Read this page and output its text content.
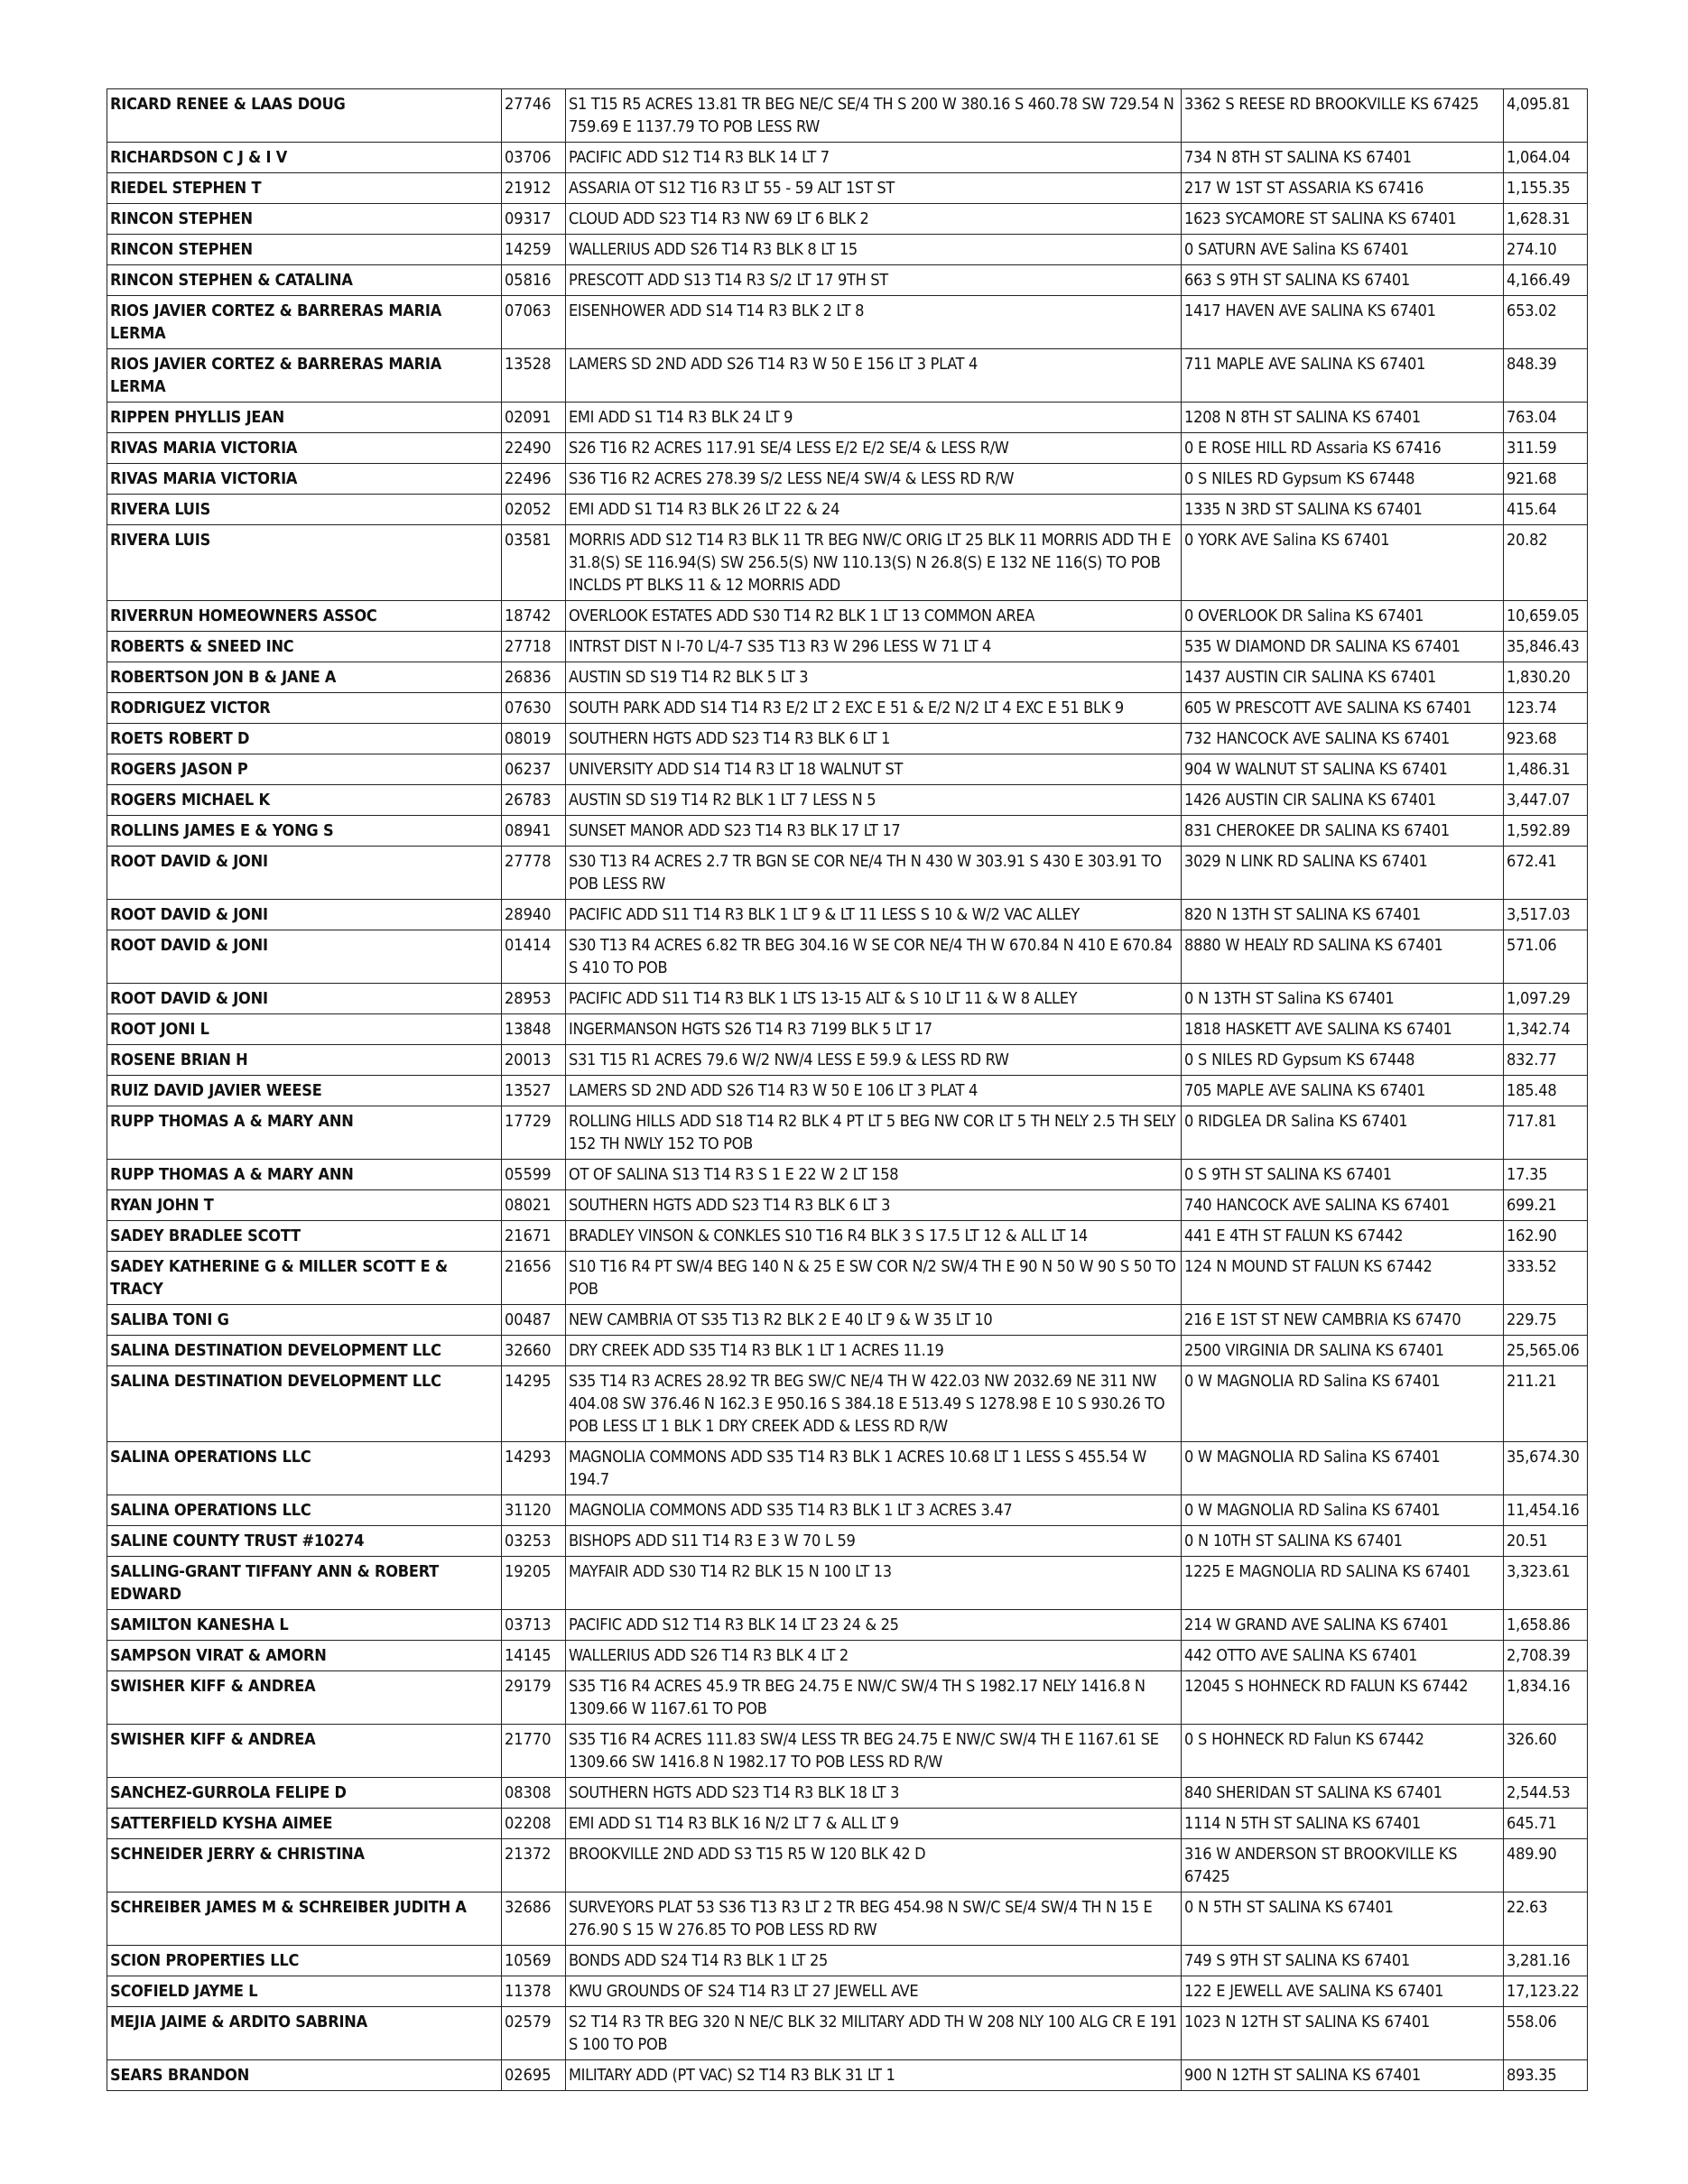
RICARD RENEE & LAAS DOUG	27746	S1 T15 R5 ACRES 13.81 TR BEG NE/C SE/4 TH S 200 W 380.16 S 460.78 SW 729.54 N 759.69 E 1137.79 TO POB LESS RW	3362 S REESE RD BROOKVILLE KS 67425	4,095.81
RICHARDSON C J & I V	03706	PACIFIC ADD S12 T14 R3 BLK 14 LT 7	734 N 8TH ST SALINA KS 67401	1,064.04
RIEDEL STEPHEN T	21912	ASSARIA OT S12 T16 R3 LT 55 - 59 ALT 1ST ST	217 W 1ST ST ASSARIA KS 67416	1,155.35
RINCON STEPHEN	09317	CLOUD ADD S23 T14 R3 NW 69 LT 6 BLK 2	1623 SYCAMORE ST SALINA KS 67401	1,628.31
RINCON STEPHEN	14259	WALLERIUS ADD S26 T14 R3 BLK 8 LT 15	0 SATURN AVE Salina KS 67401	274.10
RINCON STEPHEN & CATALINA	05816	PRESCOTT ADD S13 T14 R3 S/2 LT 17 9TH ST	663 S 9TH ST SALINA KS 67401	4,166.49
RIOS JAVIER CORTEZ & BARRERAS MARIA LERMA	07063	EISENHOWER ADD S14 T14 R3 BLK 2 LT 8	1417 HAVEN AVE SALINA KS 67401	653.02
RIOS JAVIER CORTEZ & BARRERAS MARIA LERMA	13528	LAMERS SD 2ND ADD S26 T14 R3 W 50 E 156 LT 3 PLAT 4	711 MAPLE AVE SALINA KS 67401	848.39
RIPPEN PHYLLIS JEAN	02091	EMI ADD S1 T14 R3 BLK 24 LT 9	1208 N 8TH ST SALINA KS 67401	763.04
RIVAS MARIA VICTORIA	22490	S26 T16 R2 ACRES 117.91 SE/4 LESS E/2 E/2 SE/4 & LESS R/W	0 E ROSE HILL RD Assaria KS 67416	311.59
RIVAS MARIA VICTORIA	22496	S36 T16 R2 ACRES 278.39 S/2 LESS NE/4 SW/4 & LESS RD R/W	0 S NILES RD Gypsum KS 67448	921.68
RIVERA LUIS	02052	EMI ADD S1 T14 R3 BLK 26 LT 22 & 24	1335 N 3RD ST SALINA KS 67401	415.64
RIVERA LUIS	03581	MORRIS ADD S12 T14 R3 BLK 11 TR BEG NW/C ORIG LT 25 BLK 11 MORRIS ADD TH E 31.8(S) SE 116.94(S) SW 256.5(S) NW 110.13(S) N 26.8(S) E 132 NE 116(S) TO POB INCLDS PT BLKS 11 & 12 MORRIS ADD	0 YORK AVE Salina KS 67401	20.82
RIVERRUN HOMEOWNERS ASSOC	18742	OVERLOOK ESTATES ADD S30 T14 R2 BLK 1 LT 13 COMMON AREA	0 OVERLOOK DR Salina KS 67401	10,659.05
ROBERTS & SNEED INC	27718	INTRST DIST N I-70 L/4-7 S35 T13 R3 W 296 LESS W 71 LT 4	535 W DIAMOND DR SALINA KS 67401	35,846.43
ROBERTSON JON B & JANE A	26836	AUSTIN SD S19 T14 R2 BLK 5 LT 3	1437 AUSTIN CIR SALINA KS 67401	1,830.20
RODRIGUEZ VICTOR	07630	SOUTH PARK ADD S14 T14 R3 E/2 LT 2 EXC E 51 & E/2 N/2 LT 4 EXC E 51 BLK 9	605 W PRESCOTT AVE SALINA KS 67401	123.74
ROETS ROBERT D	08019	SOUTHERN HGTS ADD S23 T14 R3 BLK 6 LT 1	732 HANCOCK AVE SALINA KS 67401	923.68
ROGERS JASON P	06237	UNIVERSITY ADD S14 T14 R3 LT 18 WALNUT ST	904 W WALNUT ST SALINA KS 67401	1,486.31
ROGERS MICHAEL K	26783	AUSTIN SD S19 T14 R2 BLK 1 LT 7 LESS N 5	1426 AUSTIN CIR SALINA KS 67401	3,447.07
ROLLINS JAMES E & YONG S	08941	SUNSET MANOR ADD S23 T14 R3 BLK 17 LT 17	831 CHEROKEE DR SALINA KS 67401	1,592.89
ROOT DAVID & JONI	27778	S30 T13 R4 ACRES 2.7 TR BGN SE COR NE/4 TH N 430 W 303.91 S 430 E 303.91 TO POB LESS RW	3029 N LINK RD SALINA KS 67401	672.41
ROOT DAVID & JONI	28940	PACIFIC ADD S11 T14 R3 BLK 1 LT 9 & LT 11 LESS S 10 & W/2 VAC ALLEY	820 N 13TH ST SALINA KS 67401	3,517.03
ROOT DAVID & JONI	01414	S30 T13 R4 ACRES 6.82 TR BEG 304.16 W SE COR NE/4 TH W 670.84 N 410 E 670.84 S 410 TO POB	8880 W HEALY RD SALINA KS 67401	571.06
ROOT DAVID & JONI	28953	PACIFIC ADD S11 T14 R3 BLK 1 LTS 13-15 ALT & S 10 LT 11 & W 8 ALLEY	0 N 13TH ST Salina KS 67401	1,097.29
ROOT JONI L	13848	INGERMANSON HGTS S26 T14 R3 7199 BLK 5 LT 17	1818 HASKETT AVE SALINA KS 67401	1,342.74
ROSENE BRIAN H	20013	S31 T15 R1 ACRES 79.6 W/2 NW/4 LESS E 59.9 & LESS RD RW	0 S NILES RD Gypsum KS 67448	832.77
RUIZ DAVID JAVIER WEESE	13527	LAMERS SD 2ND ADD S26 T14 R3 W 50 E 106 LT 3 PLAT 4	705 MAPLE AVE SALINA KS 67401	185.48
RUPP THOMAS A & MARY ANN	17729	ROLLING HILLS ADD S18 T14 R2 BLK 4 PT LT 5 BEG NW COR LT 5 TH NELY 2.5 TH SELY 152 TH NWLY 152 TO POB	0 RIDGLEA DR Salina KS 67401	717.81
RUPP THOMAS A & MARY ANN	05599	OT OF SALINA S13 T14 R3 S 1 E 22 W 2 LT 158	0 S 9TH ST SALINA KS 67401	17.35
RYAN JOHN T	08021	SOUTHERN HGTS ADD S23 T14 R3 BLK 6 LT 3	740 HANCOCK AVE SALINA KS 67401	699.21
SADEY BRADLEE SCOTT	21671	BRADLEY VINSON & CONKLES S10 T16 R4 BLK 3 S 17.5 LT 12 & ALL LT 14	441 E 4TH ST FALUN KS 67442	162.90
SADEY KATHERINE G & MILLER SCOTT E & TRACY	21656	S10 T16 R4 PT SW/4 BEG 140 N & 25 E SW COR N/2 SW/4 TH E 90 N 50 W 90 S 50 TO POB	124 N MOUND ST FALUN KS 67442	333.52
SALIBA TONI G	00487	NEW CAMBRIA OT S35 T13 R2 BLK 2 E 40 LT 9 & W 35 LT 10	216 E 1ST ST NEW CAMBRIA KS 67470	229.75
SALINA DESTINATION DEVELOPMENT LLC	32660	DRY CREEK ADD S35 T14 R3 BLK 1 LT 1 ACRES 11.19	2500 VIRGINIA DR SALINA KS 67401	25,565.06
SALINA DESTINATION DEVELOPMENT LLC	14295	S35 T14 R3 ACRES 28.92 TR BEG SW/C NE/4 TH W 422.03 NW 2032.69 NE 311 NW 404.08 SW 376.46 N 162.3 E 950.16 S 384.18 E 513.49 S 1278.98 E 10 S 930.26 TO POB LESS LT 1 BLK 1 DRY CREEK ADD & LESS RD R/W	0 W MAGNOLIA RD Salina KS 67401	211.21
SALINA OPERATIONS LLC	14293	MAGNOLIA COMMONS ADD S35 T14 R3 BLK 1 ACRES 10.68 LT 1 LESS S 455.54 W 194.7	0 W MAGNOLIA RD Salina KS 67401	35,674.30
SALINA OPERATIONS LLC	31120	MAGNOLIA COMMONS ADD S35 T14 R3 BLK 1 LT 3 ACRES 3.47	0 W MAGNOLIA RD Salina KS 67401	11,454.16
SALINE COUNTY TRUST #10274	03253	BISHOPS ADD S11 T14 R3 E 3 W 70 L 59	0 N 10TH ST SALINA KS 67401	20.51
SALLING-GRANT TIFFANY ANN & ROBERT EDWARD	19205	MAYFAIR ADD S30 T14 R2 BLK 15 N 100 LT 13	1225 E MAGNOLIA RD SALINA KS 67401	3,323.61
SAMILTON KANESHA L	03713	PACIFIC ADD S12 T14 R3 BLK 14 LT 23 24 & 25	214 W GRAND AVE SALINA KS 67401	1,658.86
SAMPSON VIRAT & AMORN	14145	WALLERIUS ADD S26 T14 R3 BLK 4 LT 2	442 OTTO AVE SALINA KS 67401	2,708.39
SWISHER KIFF & ANDREA	29179	S35 T16 R4 ACRES 45.9 TR BEG 24.75 E NW/C SW/4 TH S 1982.17 NELY 1416.8 N 1309.66 W 1167.61 TO POB	12045 S HOHNECK RD FALUN KS 67442	1,834.16
SWISHER KIFF & ANDREA	21770	S35 T16 R4 ACRES 111.83 SW/4 LESS TR BEG 24.75 E NW/C SW/4 TH E 1167.61 SE 1309.66 SW 1416.8 N 1982.17 TO POB LESS RD R/W	0 S HOHNECK RD Falun KS 67442	326.60
SANCHEZ-GURROLA FELIPE D	08308	SOUTHERN HGTS ADD S23 T14 R3 BLK 18 LT 3	840 SHERIDAN ST SALINA KS 67401	2,544.53
SATTERFIELD KYSHA AIMEE	02208	EMI ADD S1 T14 R3 BLK 16 N/2 LT 7 & ALL LT 9	1114 N 5TH ST SALINA KS 67401	645.71
SCHNEIDER JERRY & CHRISTINA	21372	BROOKVILLE 2ND ADD S3 T15 R5 W 120 BLK 42 D	316 W ANDERSON ST BROOKVILLE KS 67425	489.90
SCHREIBER JAMES M & SCHREIBER JUDITH A	32686	SURVEYORS PLAT 53 S36 T13 R3 LT 2 TR BEG 454.98 N SW/C SE/4 SW/4 TH N 15 E 276.90 S 15 W 276.85 TO POB LESS RD RW	0 N 5TH ST SALINA KS 67401	22.63
SCION PROPERTIES LLC	10569	BONDS ADD S24 T14 R3 BLK 1 LT 25	749 S 9TH ST SALINA KS 67401	3,281.16
SCOFIELD JAYME L	11378	KWU GROUNDS OF S24 T14 R3 LT 27 JEWELL AVE	122 E JEWELL AVE SALINA KS 67401	17,123.22
MEJIA JAIME & ARDITO SABRINA	02579	S2 T14 R3 TR BEG 320 N NE/C BLK 32 MILITARY ADD TH W 208 NLY 100 ALG CR E 191 S 100 TO POB	1023 N 12TH ST SALINA KS 67401	558.06
SEARS BRANDON	02695	MILITARY ADD (PT VAC) S2 T14 R3 BLK 31 LT 1	900 N 12TH ST SALINA KS 67401	893.35
